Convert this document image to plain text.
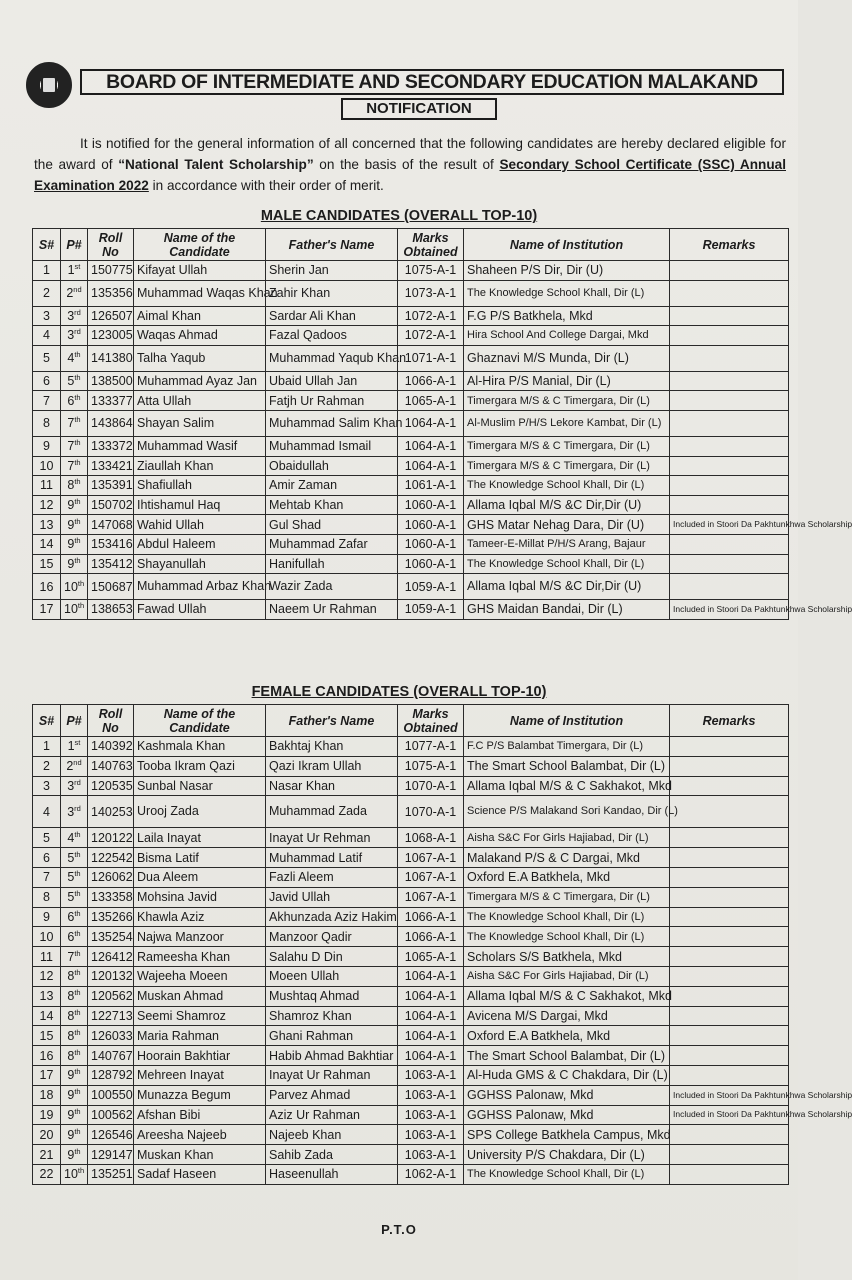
BOARD OF INTERMEDIATE AND SECONDARY EDUCATION MALAKAND
NOTIFICATION
It is notified for the general information of all concerned that the following candidates are hereby declared eligible for the award of “National Talent Scholarship” on the basis of the result of Secondary School Certificate (SSC) Annual Examination 2022 in accordance with their order of merit.
MALE CANDIDATES (OVERALL TOP-10)
S#	P#	Roll No	Name of the Candidate	Father's Name	Marks Obtained	Name of Institution	Remarks
1	1st	150775	Kifayat Ullah	Sherin Jan	1075-A-1	Shaheen P/S Dir, Dir (U)	
2	2nd	135356	Muhammad Waqas Khan	Zahir Khan	1073-A-1	The Knowledge School Khall, Dir (L)	
3	3rd	126507	Aimal Khan	Sardar Ali Khan	1072-A-1	F.G P/S Batkhela, Mkd	
4	3rd	123005	Waqas Ahmad	Fazal Qadoos	1072-A-1	Hira School And College Dargai, Mkd	
5	4th	141380	Talha Yaqub	Muhammad Yaqub Khan	1071-A-1	Ghaznavi M/S Munda, Dir (L)	
6	5th	138500	Muhammad Ayaz Jan	Ubaid Ullah Jan	1066-A-1	Al-Hira P/S Manial, Dir (L)	
7	6th	133377	Atta Ullah	Fatjh Ur Rahman	1065-A-1	Timergara M/S & C Timergara, Dir (L)	
8	7th	143864	Shayan Salim	Muhammad Salim Khan	1064-A-1	Al-Muslim P/H/S Lekore Kambat, Dir (L)	
9	7th	133372	Muhammad Wasif	Muhammad Ismail	1064-A-1	Timergara M/S & C Timergara, Dir (L)	
10	7th	133421	Ziaullah Khan	Obaidullah	1064-A-1	Timergara M/S & C Timergara, Dir (L)	
11	8th	135391	Shafiullah	Amir Zaman	1061-A-1	The Knowledge School Khall, Dir (L)	
12	9th	150702	Ihtishamul Haq	Mehtab Khan	1060-A-1	Allama Iqbal M/S &C Dir,Dir (U)	
13	9th	147068	Wahid Ullah	Gul Shad	1060-A-1	GHS Matar Nehag Dara, Dir (U)	Included in Stoori Da Pakhtunkhwa Scholarship
14	9th	153416	Abdul Haleem	Muhammad Zafar	1060-A-1	Tameer-E-Millat P/H/S Arang, Bajaur	
15	9th	135412	Shayanullah	Hanifullah	1060-A-1	The Knowledge School Khall, Dir (L)	
16	10th	150687	Muhammad Arbaz Khan	Wazir Zada	1059-A-1	Allama Iqbal M/S &C Dir,Dir (U)	
17	10th	138653	Fawad Ullah	Naeem Ur Rahman	1059-A-1	GHS Maidan Bandai, Dir (L)	Included in Stoori Da Pakhtunkhwa Scholarship
FEMALE CANDIDATES (OVERALL TOP-10)
S#	P#	Roll No	Name of the Candidate	Father's Name	Marks Obtained	Name of Institution	Remarks
1	1st	140392	Kashmala Khan	Bakhtaj Khan	1077-A-1	F.C P/S Balambat Timergara, Dir (L)	
2	2nd	140763	Tooba Ikram Qazi	Qazi Ikram Ullah	1075-A-1	The Smart School Balambat, Dir (L)	
3	3rd	120535	Sunbal Nasar	Nasar Khan	1070-A-1	Allama Iqbal M/S & C Sakhakot, Mkd	
4	3rd	140253	Urooj Zada	Muhammad Zada	1070-A-1	Science P/S Malakand Sori Kandao, Dir (L)	
5	4th	120122	Laila Inayat	Inayat Ur Rehman	1068-A-1	Aisha S&C For Girls Hajiabad, Dir (L)	
6	5th	122542	Bisma Latif	Muhammad Latif	1067-A-1	Malakand P/S & C Dargai, Mkd	
7	5th	126062	Dua Aleem	Fazli Aleem	1067-A-1	Oxford E.A Batkhela, Mkd	
8	5th	133358	Mohsina Javid	Javid Ullah	1067-A-1	Timergara M/S & C Timergara, Dir (L)	
9	6th	135266	Khawla Aziz	Akhunzada Aziz Hakim	1066-A-1	The Knowledge School Khall, Dir (L)	
10	6th	135254	Najwa Manzoor	Manzoor Qadir	1066-A-1	The Knowledge School Khall, Dir (L)	
11	7th	126412	Rameesha Khan	Salahu D Din	1065-A-1	Scholars S/S Batkhela, Mkd	
12	8th	120132	Wajeeha Moeen	Moeen Ullah	1064-A-1	Aisha S&C For Girls Hajiabad, Dir (L)	
13	8th	120562	Muskan Ahmad	Mushtaq Ahmad	1064-A-1	Allama Iqbal M/S & C Sakhakot, Mkd	
14	8th	122713	Seemi Shamroz	Shamroz Khan	1064-A-1	Avicena M/S Dargai, Mkd	
15	8th	126033	Maria Rahman	Ghani Rahman	1064-A-1	Oxford E.A Batkhela, Mkd	
16	8th	140767	Hoorain Bakhtiar	Habib Ahmad Bakhtiar	1064-A-1	The Smart School Balambat, Dir (L)	
17	9th	128792	Mehreen Inayat	Inayat Ur Rahman	1063-A-1	Al-Huda GMS & C Chakdara, Dir (L)	
18	9th	100550	Munazza Begum	Parvez Ahmad	1063-A-1	GGHSS Palonaw, Mkd	Included in Stoori Da Pakhtunkhwa Scholarship
19	9th	100562	Afshan Bibi	Aziz Ur Rahman	1063-A-1	GGHSS Palonaw, Mkd	Included in Stoori Da Pakhtunkhwa Scholarship
20	9th	126546	Areesha Najeeb	Najeeb Khan	1063-A-1	SPS College Batkhela Campus, Mkd	
21	9th	129147	Muskan Khan	Sahib Zada	1063-A-1	University P/S Chakdara, Dir (L)	
22	10th	135251	Sadaf Haseen	Haseenullah	1062-A-1	The Knowledge School Khall, Dir (L)	
P.T.O
